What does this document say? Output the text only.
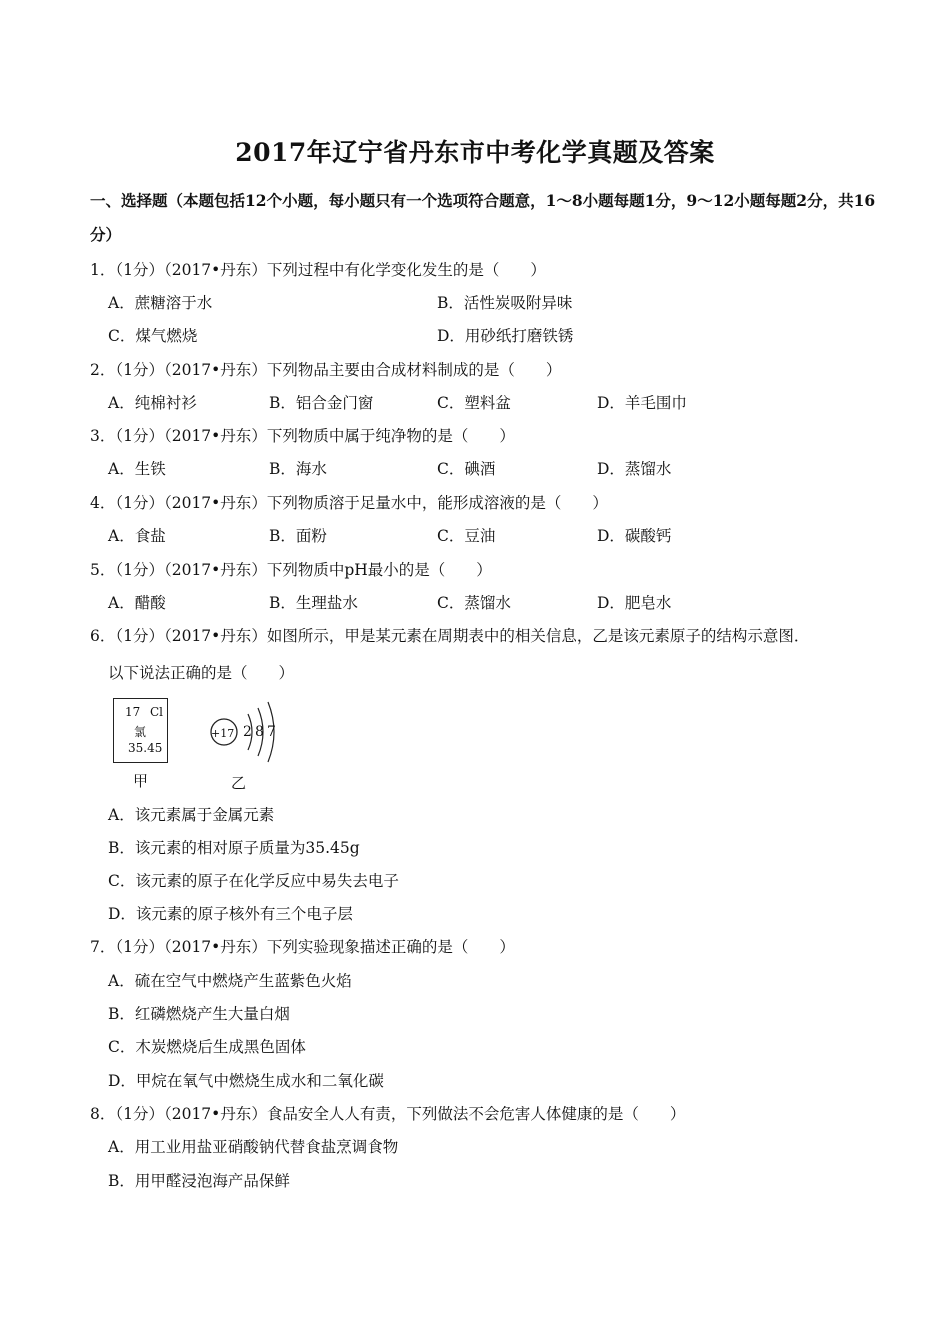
2017年辽宁省丹东市中考化学真题及答案
一、选择题（本题包括12个小题，每小题只有一个选项符合题意，1～8小题每题1分，9～12小题每题2分，共16分）
1．（1分）（2017•丹东）下列过程中有化学变化发生的是（　　）
A．蔗糖溶于水	B．活性炭吸附异味
C．煤气燃烧	D．用砂纸打磨铁锈
2．（1分）（2017•丹东）下列物品主要由合成材料制成的是（　　）
A．纯棉衬衫	B．铝合金门窗	C．塑料盆	D．羊毛围巾
3．（1分）（2017•丹东）下列物质中属于纯净物的是（　　）
A．生铁	B．海水	C．碘酒	D．蒸馏水
4．（1分）（2017•丹东）下列物质溶于足量水中，能形成溶液的是（　　）
A．食盐	B．面粉	C．豆油	D．碳酸钙
5．（1分）（2017•丹东）下列物质中pH最小的是（　　）
A．醋酸	B．生理盐水	C．蒸馏水	D．肥皂水
6．（1分）（2017•丹东）如图所示，甲是某元素在周期表中的相关信息，乙是该元素原子的结构示意图．
以下说法正确的是（　　）
17 Cl
氯
35.45
甲
+17 2 8 7
乙
A．该元素属于金属元素
B．该元素的相对原子质量为35.45g
C．该元素的原子在化学反应中易失去电子
D．该元素的原子核外有三个电子层
7．（1分）（2017•丹东）下列实验现象描述正确的是（　　）
A．硫在空气中燃烧产生蓝紫色火焰
B．红磷燃烧产生大量白烟
C．木炭燃烧后生成黑色固体
D．甲烷在氧气中燃烧生成水和二氧化碳
8．（1分）（2017•丹东）食品安全人人有责，下列做法不会危害人体健康的是（　　）
A．用工业用盐亚硝酸钠代替食盐烹调食物
B．用甲醛浸泡海产品保鲜
